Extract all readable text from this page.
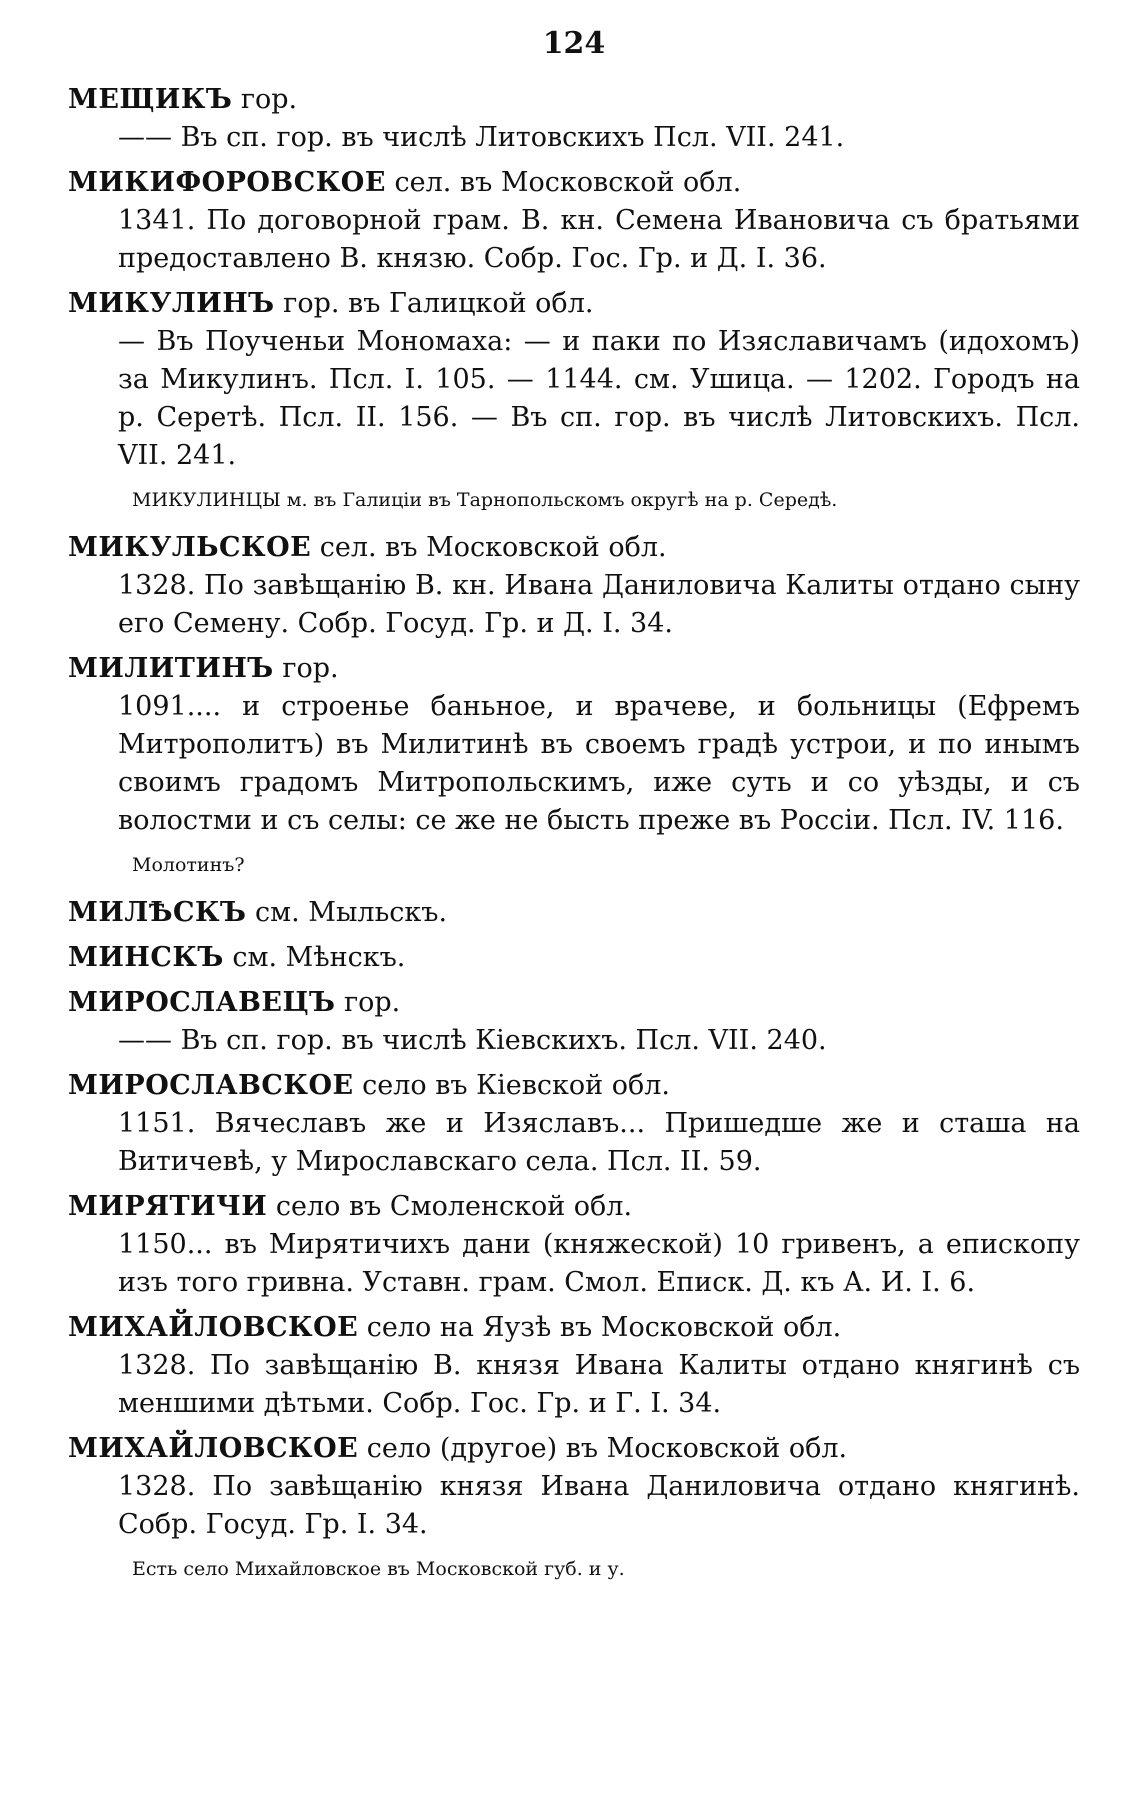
124

МЕЩИКЪ гор.

—— Въ сп. гор. въ числѣ Литовскихъ Псл. VII. 241.

МИКИФОРОВСКОЕ сел. въ Московской обл.

1341. По договорной грам. В. кн. Семена Ивановича съ братьями предоставлено В. князю. Собр. Гос. Гр. и Д. I. 36.

МИКУЛИНЪ гор. въ Галицкой обл.

— Въ Поученьи Мономаха: — и паки по Изяславичамъ (идохомъ) за Микулинъ. Псл. I. 105. — 1144. см. Ушица. — 1202. Городъ на р. Серетѣ. Псл. II. 156. — Въ сп. гор. въ числѣ Литовскихъ. Псл. VII. 241.

МИКУЛИНЦЫ м. въ Галиціи въ Тарнопольскомъ округѣ на р. Середѣ.

МИКУЛЬСКОЕ сел. въ Московской обл.

1328. По завѣщанію В. кн. Ивана Даниловича Калиты отдано сыну его Семену. Собр. Госуд. Гр. и Д. I. 34.

МИЛИТИНЪ гор.

1091.... и строенье баньное, и врачеве, и больницы (Ефремъ Митрополитъ) въ Милитинѣ въ своемъ градѣ устрои, и по инымъ своимъ градомъ Митропольскимъ, иже суть и со уѣзды, и съ волостми и съ селы: се же не бысть преже въ Россіи. Псл. IV. 116.

Молотинъ?

МИЛѢСКЪ см. Мыльскъ.

МИНСКЪ см. Мѣнскъ.

МИРОСЛАВЕЦЪ гор.

—— Въ сп. гор. въ числѣ Кіевскихъ. Псл. VII. 240.

МИРОСЛАВСКОЕ село въ Кіевской обл.

1151. Вячеславъ же и Изяславъ... Пришедше же и сташа на Витичевѣ, у Мирославскаго села. Псл. II. 59.

МИРЯТИЧИ село въ Смоленской обл.

1150... въ Мирятичихъ дани (княжеской) 10 гривенъ, а епископу изъ того гривна. Уставн. грам. Смол. Еписк. Д. къ А. И. I. 6.

МИХАЙЛОВСКОЕ село на Яузѣ въ Московской обл.

1328. По завѣщанію В. князя Ивана Калиты отдано княгинѣ съ меншими дѣтьми. Собр. Гос. Гр. и Г. I. 34.

МИХАЙЛОВСКОЕ село (другое) въ Московской обл.

1328. По завѣщанію князя Ивана Даниловича отдано княгинѣ. Собр. Госуд. Гр. I. 34.

Есть село Михайловское въ Московской губ. и у.
